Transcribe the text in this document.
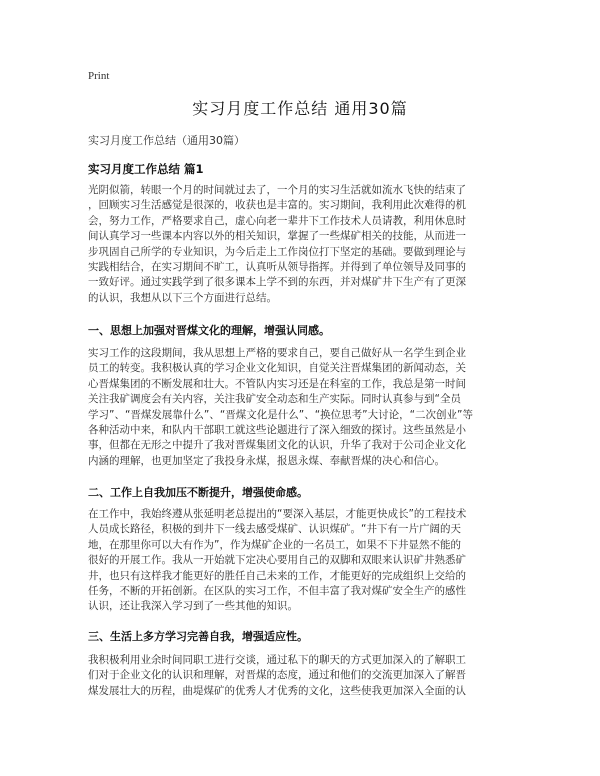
Print
实习月度工作总结 通用30篇
实习月度工作总结（通用30篇）
实习月度工作总结 篇1
光阴似箭，转眼一个月的时间就过去了，一个月的实习生活就如流水飞快的结束了
，回顾实习生活感觉是很深的，收获也是丰富的。实习期间，我利用此次难得的机
会，努力工作，严格要求自己，虚心向老一辈井下工作技术人员请教，利用休息时
间认真学习一些课本内容以外的相关知识，掌握了一些煤矿相关的技能，从而进一
步巩固自己所学的专业知识，为今后走上工作岗位打下坚定的基础。要做到理论与
实践相结合，在实习期间不旷工，认真听从领导指挥。并得到了单位领导及同事的
一致好评。通过实践学到了很多课本上学不到的东西，并对煤矿井下生产有了更深
的认识，我想从以下三个方面进行总结。
一、思想上加强对晋煤文化的理解，增强认同感。
实习工作的这段期间，我从思想上严格的要求自己，要自己做好从一名学生到企业
员工的转变。我积极认真的学习企业文化知识，自觉关注晋煤集团的新闻动态，关
心晋煤集团的不断发展和壮大。不管队内实习还是在科室的工作，我总是第一时间
关注我矿调度会有关内容，关注我矿安全动态和生产实际。同时认真参与到“全员
学习”、“晋煤发展靠什么”、“晋煤文化是什么”、“换位思考”大讨论，“二次创业”等
各种活动中来，和队内干部职工就这些论题进行了深入细致的探讨。这些虽然是小
事，但都在无形之中提升了我对晋煤集团文化的认识，升华了我对于公司企业文化
内涵的理解，也更加坚定了我投身永煤，报恩永煤、奉献晋煤的决心和信心。
二、工作上自我加压不断提升，增强使命感。
在工作中，我始终遵从张延明老总提出的“要深入基层，才能更快成长”的工程技术
人员成长路径，积极的到井下一线去感受煤矿、认识煤矿。“井下有一片广阔的天
地，在那里你可以大有作为”，作为煤矿企业的一名员工，如果不下井显然不能的
很好的开展工作。我从一开始就下定决心要用自己的双脚和双眼来认识矿井熟悉矿
井，也只有这样我才能更好的胜任自己未来的工作，才能更好的完成组织上交给的
任务，不断的开拓创新。在区队的实习工作，不但丰富了我对煤矿安全生产的感性
认识，还让我深入学习到了一些其他的知识。
三、生活上多方学习完善自我，增强适应性。
我积极利用业余时间同职工进行交谈，通过私下的聊天的方式更加深入的了解职工
们对于企业文化的认识和理解，对晋煤的态度，通过和他们的交流更加深入了解晋
煤发展壮大的历程，曲堤煤矿的优秀人才优秀的文化，这些使我更加深入全面的认
